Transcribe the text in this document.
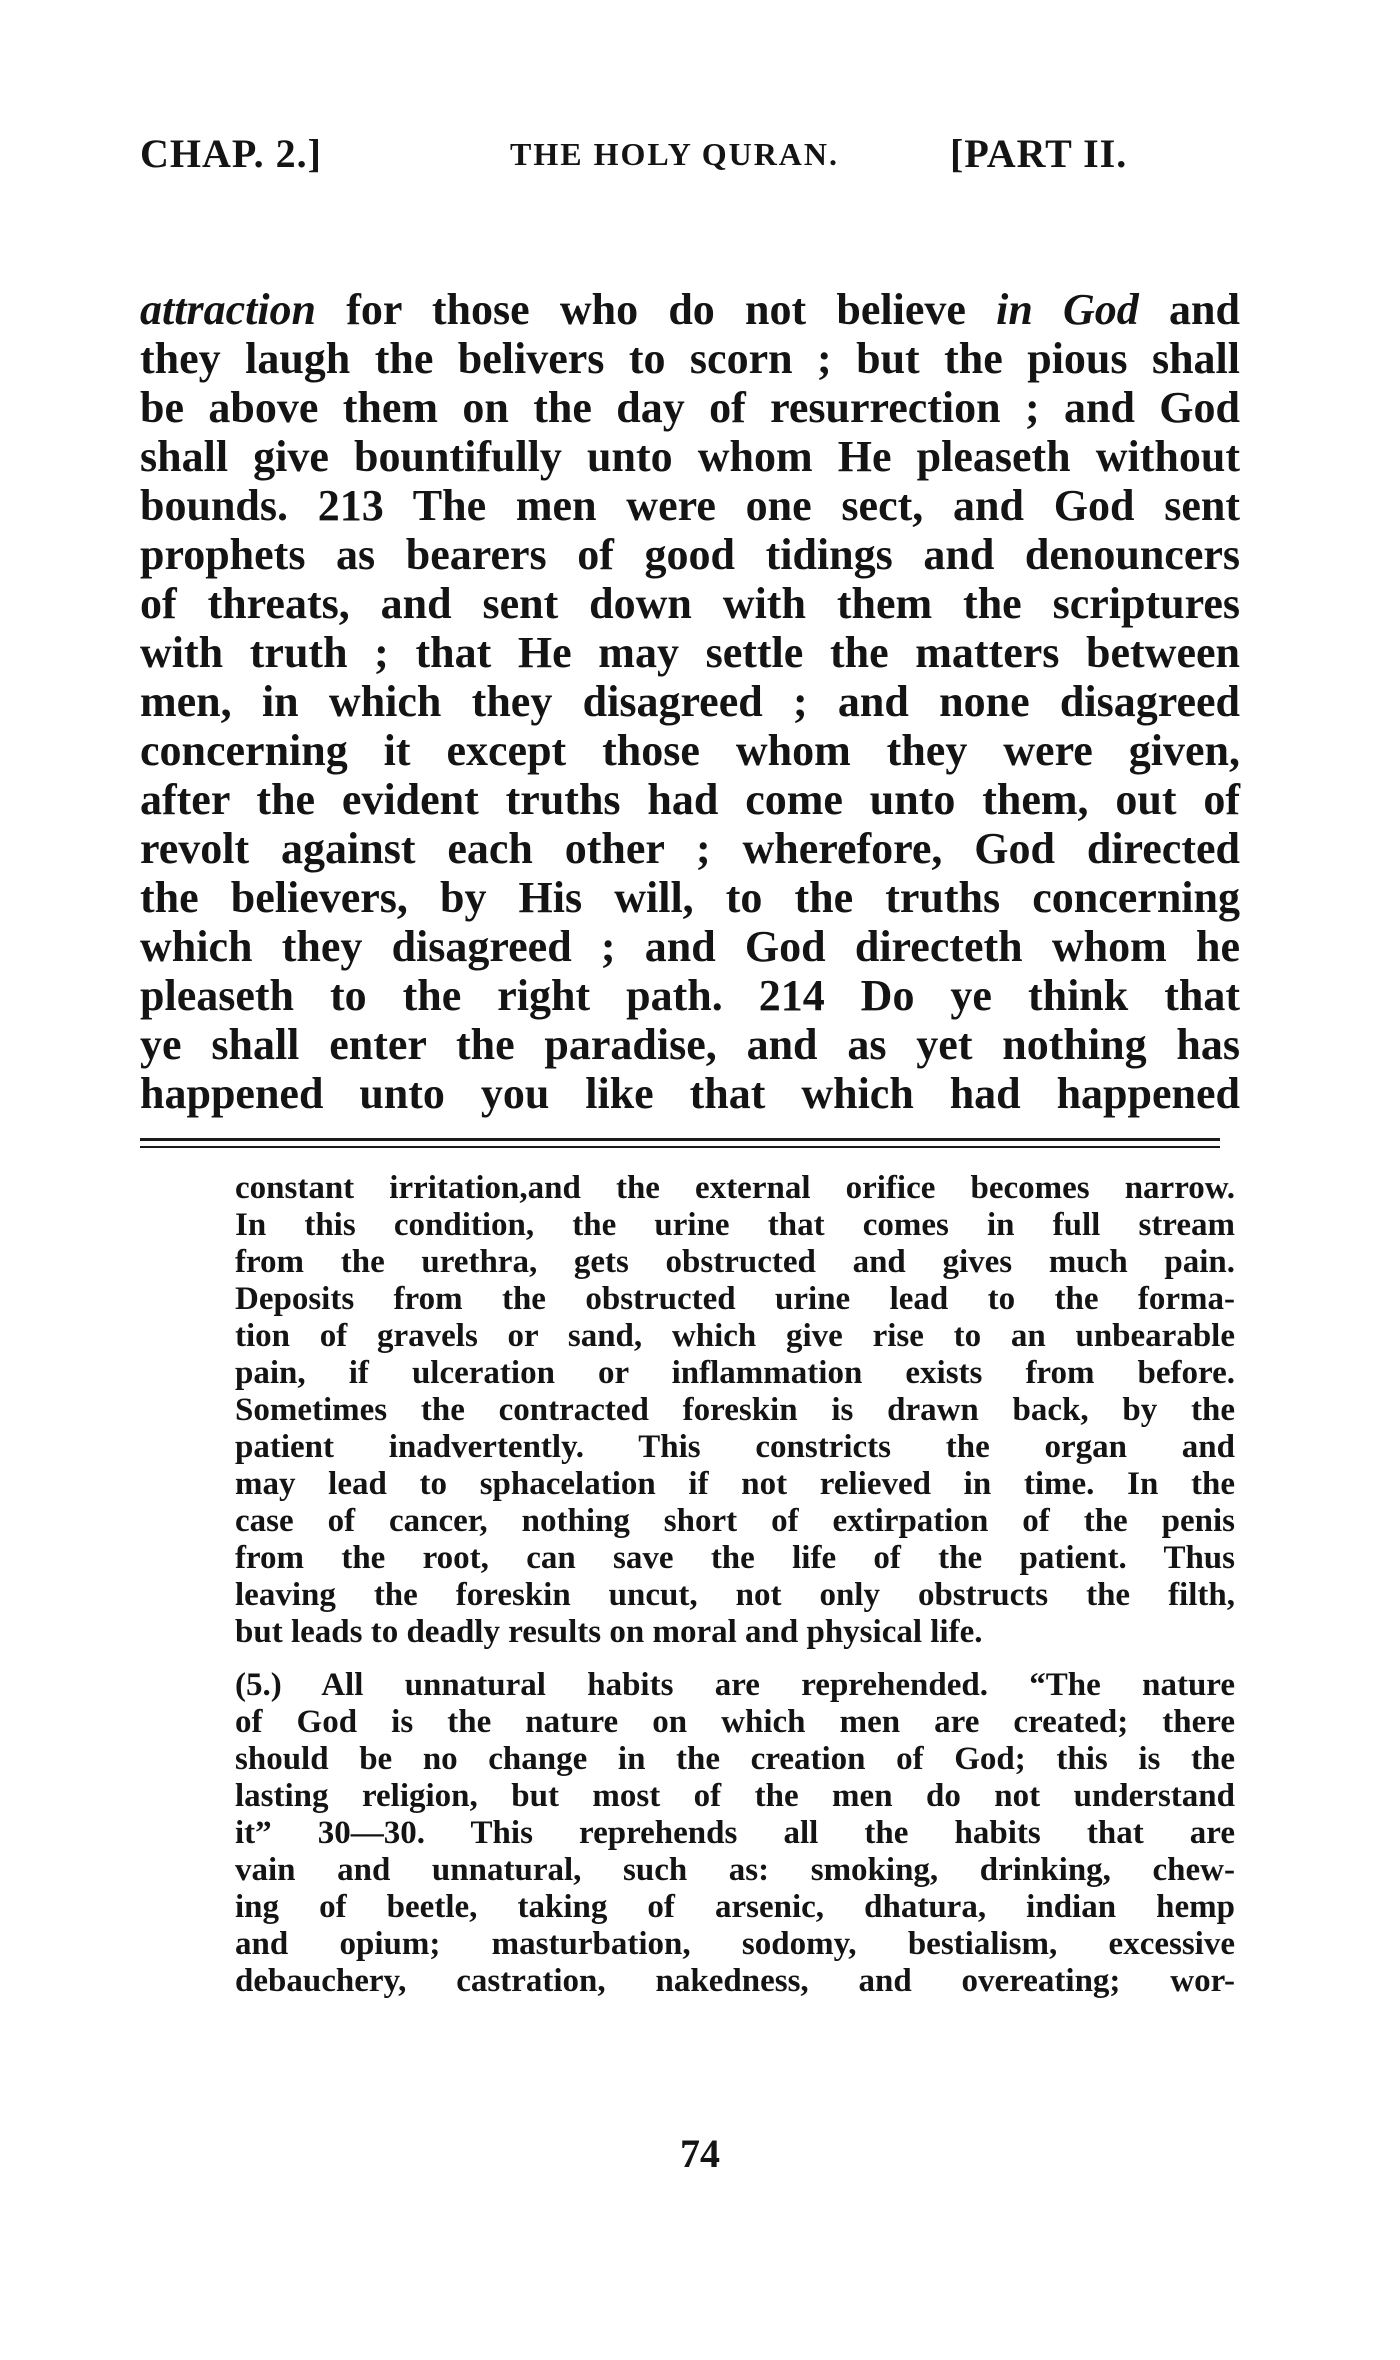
CHAP. 2.]	THE HOLY QURAN.	[PART II.
attraction for those who do not believe in God and
they laugh the belivers to scorn ; but the pious shall
be above them on the day of resurrection ; and God
shall give bountifully unto whom He pleaseth without
bounds. 213 The men were one sect, and God sent
prophets as bearers of good tidings and denouncers
of threats, and sent down with them the scriptures
with truth ; that He may settle the matters between
men, in which they disagreed ; and none disagreed
concerning it except those whom they were given,
after the evident truths had come unto them, out of
revolt against each other ; wherefore, God directed
the believers, by His will, to the truths concerning
which they disagreed ; and God directeth whom he
pleaseth to the right path. 214 Do ye think that
ye shall enter the paradise, and as yet nothing has
happened unto you like that which had happened
constant irritation,and the external orifice becomes narrow.
In this condition, the urine that comes in full stream
from the urethra, gets obstructed and gives much pain.
Deposits from the obstructed urine lead to the forma-
tion of gravels or sand, which give rise to an unbearable
pain, if ulceration or inflammation exists from before.
Sometimes the contracted foreskin is drawn back, by the
patient inadvertently. This constricts the organ and
may lead to sphacelation if not relieved in time. In the
case of cancer, nothing short of extirpation of the penis
from the root, can save the life of the patient. Thus
leaving the foreskin uncut, not only obstructs the filth,
but leads to deadly results on moral and physical life.
(5.) All unnatural habits are reprehended. “The nature
of God is the nature on which men are created; there
should be no change in the creation of God; this is the
lasting religion, but most of the men do not understand
it” 30—30. This reprehends all the habits that are
vain and unnatural, such as: smoking, drinking, chew-
ing of beetle, taking of arsenic, dhatura, indian hemp
and opium; masturbation, sodomy, bestialism, excessive
debauchery, castration, nakedness, and overeating; wor-
74
